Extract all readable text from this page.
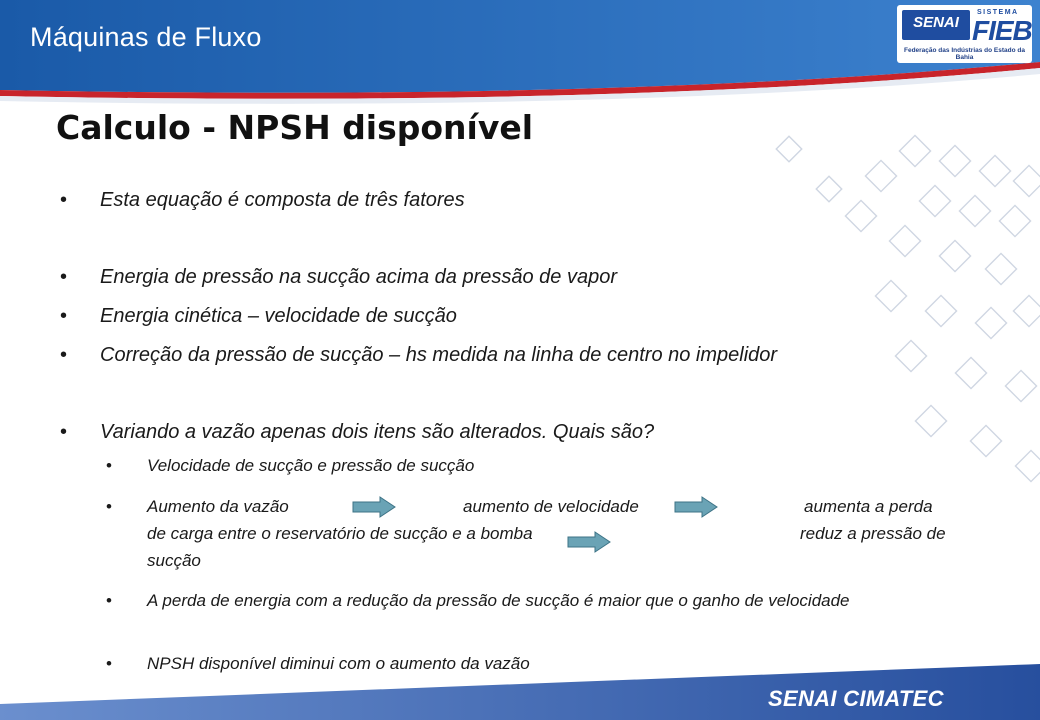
Máquinas de Fluxo	SENAI
SISTEMA
FIEB
Federação das Indústrias do Estado da Bahia
Calculo - NPSH disponível
• Esta equação é composta de três fatores
• Energia de pressão na sucção acima da pressão de vapor
• Energia cinética – velocidade de sucção
• Correção da pressão de sucção – hs medida na linha de centro no impelidor
• Variando a vazão apenas dois itens são alterados. Quais são?
• Velocidade de sucção e pressão de sucção
• Aumento da vazão	aumento de velocidade	aumenta a perda
de carga entre o reservatório de sucção e a bomba	reduz a pressão de
sucção
• A perda de energia com a redução da pressão de sucção é maior que o ganho de velocidade
• NPSH disponível diminui com o aumento da vazão
SENAI CIMATEC
